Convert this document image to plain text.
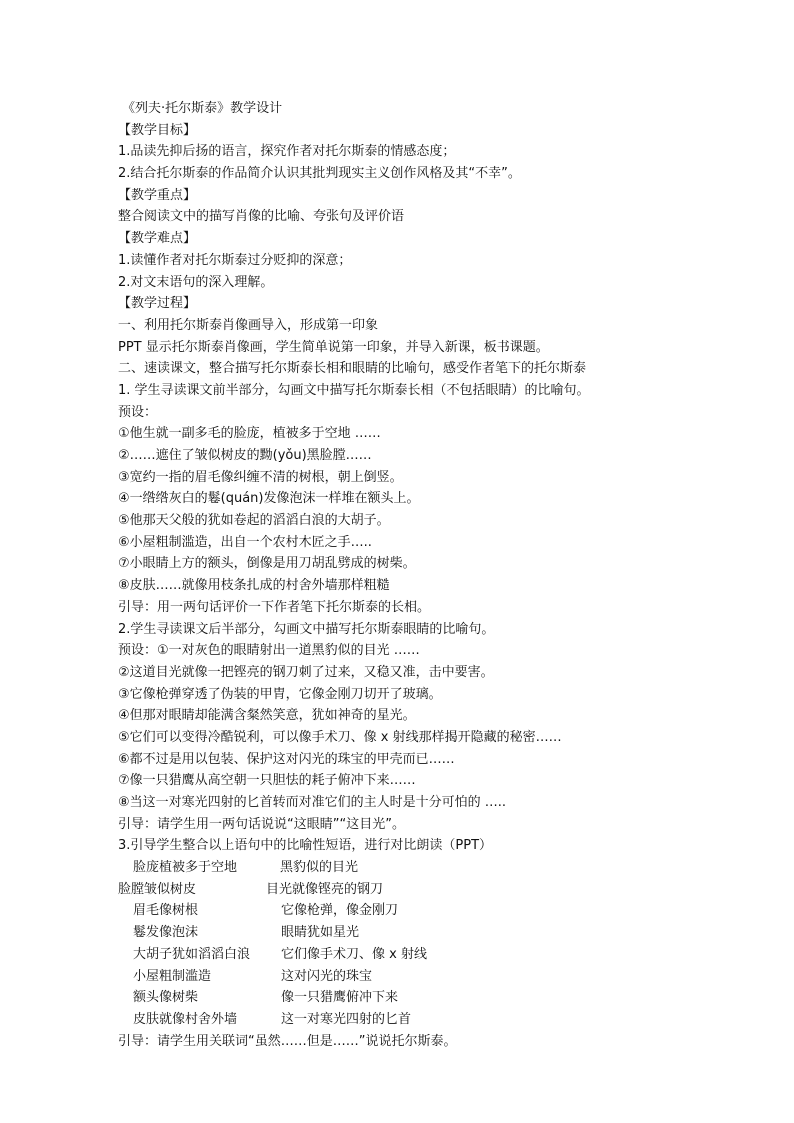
《列夫·托尔斯泰》教学设计
【教学目标】
1.品读先抑后扬的语言，探究作者对托尔斯泰的情感态度；
2.结合托尔斯泰的作品简介认识其批判现实主义创作风格及其“不幸”。
【教学重点】
整合阅读文中的描写肖像的比喻、夸张句及评价语
【教学难点】
1.读懂作者对托尔斯泰过分贬抑的深意；
2.对文末语句的深入理解。
【教学过程】
一、利用托尔斯泰肖像画导入，形成第一印象
PPT 显示托尔斯泰肖像画，学生简单说第一印象，并导入新课，板书课题。
二、速读课文，整合描写托尔斯泰长相和眼睛的比喻句，感受作者笔下的托尔斯泰
1. 学生寻读课文前半部分，勾画文中描写托尔斯泰长相（不包括眼睛）的比喻句。
预设：
①他生就一副多毛的脸庞，植被多于空地 ……
②……遮住了皱似树皮的黝(yǒu)黑脸膛……
③宽约一指的眉毛像纠缠不清的树根，朝上倒竖。
④一绺绺灰白的鬈(quán)发像泡沫一样堆在额头上。
⑤他那天父般的犹如卷起的滔滔白浪的大胡子。
⑥小屋粗制滥造，出自一个农村木匠之手…..
⑦小眼睛上方的额头，倒像是用刀胡乱劈成的树柴。
⑧皮肤……就像用枝条扎成的村舍外墙那样粗糙
引导：用一两句话评价一下作者笔下托尔斯泰的长相。
2.学生寻读课文后半部分，勾画文中描写托尔斯泰眼睛的比喻句。
预设：①一对灰色的眼睛射出一道黑豹似的目光 ……
②这道目光就像一把铿亮的钢刀刺了过来，又稳又准，击中要害。
③它像枪弹穿透了伪装的甲胄，它像金刚刀切开了玻璃。
④但那对眼睛却能满含粲然笑意，犹如神奇的星光。
⑤它们可以变得冷酷锐利，可以像手术刀、像 x 射线那样揭开隐藏的秘密……
⑥都不过是用以包装、保护这对闪光的珠宝的甲壳而已……
⑦像一只猎鹰从高空朝一只胆怯的耗子俯冲下来……
⑧当这一对寒光四射的匕首转而对准它们的主人时是十分可怕的 …..
引导：请学生用一两句话说说“这眼睛”“这目光”。
3.引导学生整合以上语句中的比喻性短语，进行对比朗读（PPT）
脸庞植被多于空地	黑豹似的目光
脸膛皱似树皮	目光就像铿亮的钢刀
眉毛像树根	它像枪弹，像金刚刀
鬈发像泡沫	眼睛犹如星光
大胡子犹如滔滔白浪	它们像手术刀、像 x 射线
小屋粗制滥造	这对闪光的珠宝
额头像树柴	像一只猎鹰俯冲下来
皮肤就像村舍外墙	这一对寒光四射的匕首
引导：请学生用关联词“虽然……但是……”说说托尔斯泰。
